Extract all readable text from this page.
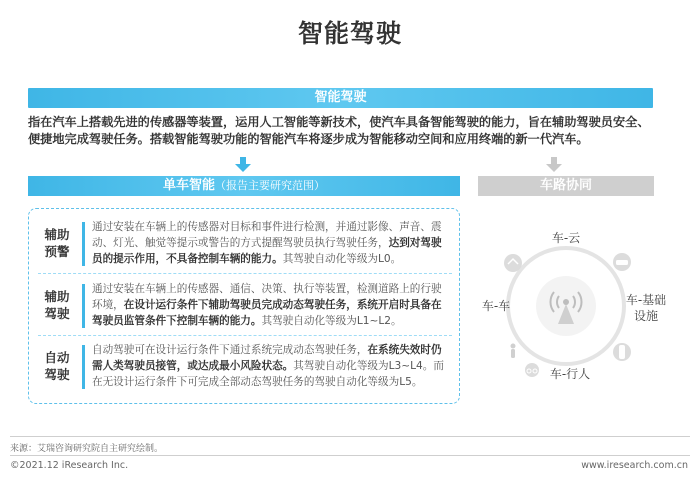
智能驾驶
智能驾驶
指在汽车上搭载先进的传感器等装置，运用人工智能等新技术，使汽车具备智能驾驶的能力，旨在辅助驾驶员安全、便捷地完成驾驶任务。搭载智能驾驶功能的智能汽车将逐步成为智能移动空间和应用终端的新一代汽车。
单车智能（报告主要研究范围）	车路协同
辅助
预警
通过安装在车辆上的传感器对目标和事件进行检测，并通过影像、声音、震动、灯光、触觉等提示或警告的方式提醒驾驶员执行驾驶任务，达到对驾驶员的提示作用，不具备控制车辆的能力。其驾驶自动化等级为L0。
辅助
驾驶
通过安装在车辆上的传感器、通信、决策、执行等装置，检测道路上的行驶环境，在设计运行条件下辅助驾驶员完成动态驾驶任务，系统开启时具备在驾驶员监管条件下控制车辆的能力。其驾驶自动化等级为L1~L2。
自动
驾驶
自动驾驶可在设计运行条件下通过系统完成动态驾驶任务，在系统失效时仍需人类驾驶员接管，或达成最小风险状态。其驾驶自动化等级为L3~L4。而在无设计运行条件下可完成全部动态驾驶任务的驾驶自动化等级为L5。
车-云
车-车	车-基础
设施
车-行人
来源：艾瑞咨询研究院自主研究绘制。
©2021.12 iResearch Inc.	www.iresearch.com.cn
